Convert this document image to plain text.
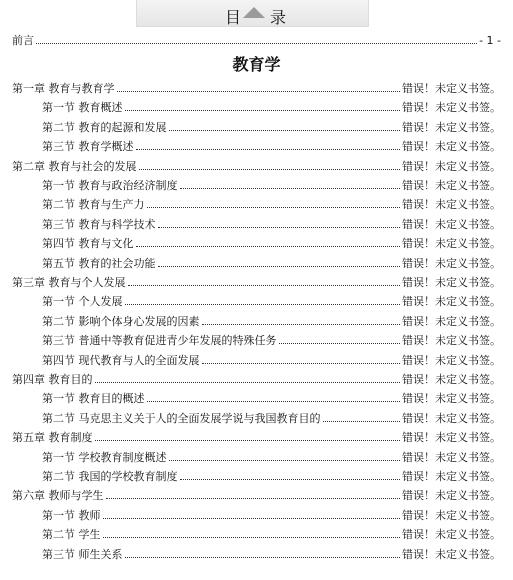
目 录
前言	- 1 -
教育学
第一章 教育与教育学	错误！未定义书签。
第一节 教育概述	错误！未定义书签。
第二节 教育的起源和发展	错误！未定义书签。
第三节 教育学概述	错误！未定义书签。
第二章 教育与社会的发展	错误！未定义书签。
第一节 教育与政治经济制度	错误！未定义书签。
第二节 教育与生产力	错误！未定义书签。
第三节 教育与科学技术	错误！未定义书签。
第四节 教育与文化	错误！未定义书签。
第五节 教育的社会功能	错误！未定义书签。
第三章 教育与个人发展	错误！未定义书签。
第一节 个人发展	错误！未定义书签。
第二节 影响个体身心发展的因素	错误！未定义书签。
第三节 普通中等教育促进青少年发展的特殊任务	错误！未定义书签。
第四节 现代教育与人的全面发展	错误！未定义书签。
第四章 教育目的	错误！未定义书签。
第一节 教育目的概述	错误！未定义书签。
第二节 马克思主义关于人的全面发展学说与我国教育目的	错误！未定义书签。
第五章 教育制度	错误！未定义书签。
第一节 学校教育制度概述	错误！未定义书签。
第二节 我国的学校教育制度	错误！未定义书签。
第六章 教师与学生	错误！未定义书签。
第一节 教师	错误！未定义书签。
第二节 学生	错误！未定义书签。
第三节 师生关系	错误！未定义书签。
